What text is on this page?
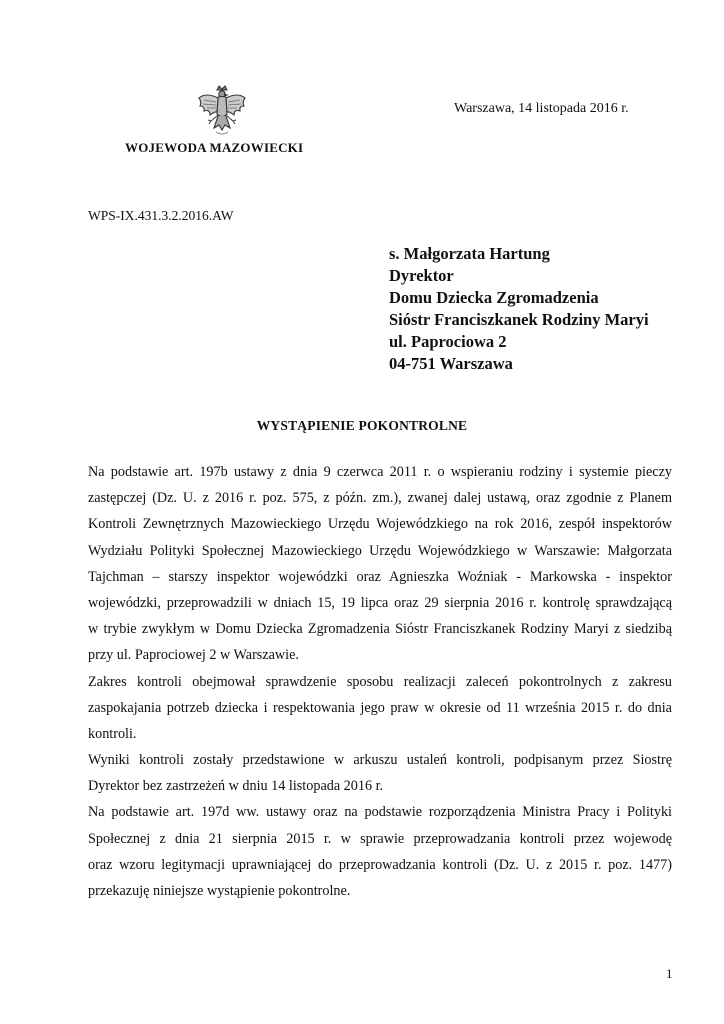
WOJEWODA MAZOWIECKI
Warszawa, 14 listopada 2016 r.
WPS-IX.431.3.2.2016.AW
s. Małgorzata Hartung
Dyrektor
Domu Dziecka Zgromadzenia
Sióstr Franciszkanek Rodziny Maryi
ul. Paprociowa 2
04-751 Warszawa
WYSTĄPIENIE POKONTROLNE
Na podstawie art. 197b ustawy z dnia 9 czerwca 2011 r. o wspieraniu rodziny i systemie pieczy
zastępczej (Dz. U. z 2016 r. poz. 575, z późn. zm.), zwanej dalej ustawą, oraz zgodnie z Planem
Kontroli Zewnętrznych Mazowieckiego Urzędu Wojewódzkiego na rok 2016, zespół inspektorów
Wydziału Polityki Społecznej Mazowieckiego Urzędu Wojewódzkiego w Warszawie: Małgorzata
Tajchman – starszy inspektor wojewódzki oraz Agnieszka Woźniak - Markowska - inspektor
wojewódzki, przeprowadzili w dniach 15, 19 lipca oraz 29 sierpnia 2016 r. kontrolę sprawdzającą
w trybie zwykłym w Domu Dziecka Zgromadzenia Sióstr Franciszkanek Rodziny Maryi z siedzibą
przy ul. Paprociowej 2 w Warszawie.
Zakres kontroli obejmował sprawdzenie sposobu realizacji zaleceń pokontrolnych z zakresu
zaspokajania potrzeb dziecka i respektowania jego praw w okresie od 11 września 2015 r. do dnia
kontroli.
Wyniki kontroli zostały przedstawione w arkuszu ustaleń kontroli, podpisanym przez Siostrę
Dyrektor bez zastrzeżeń w dniu 14 listopada 2016 r.
Na podstawie art. 197d ww. ustawy oraz na podstawie rozporządzenia Ministra Pracy i Polityki
Społecznej z dnia 21 sierpnia 2015 r. w sprawie przeprowadzania kontroli przez wojewodę
oraz wzoru legitymacji uprawniającej do przeprowadzania kontroli (Dz. U. z 2015 r. poz. 1477)
przekazuję niniejsze wystąpienie pokontrolne.
1
